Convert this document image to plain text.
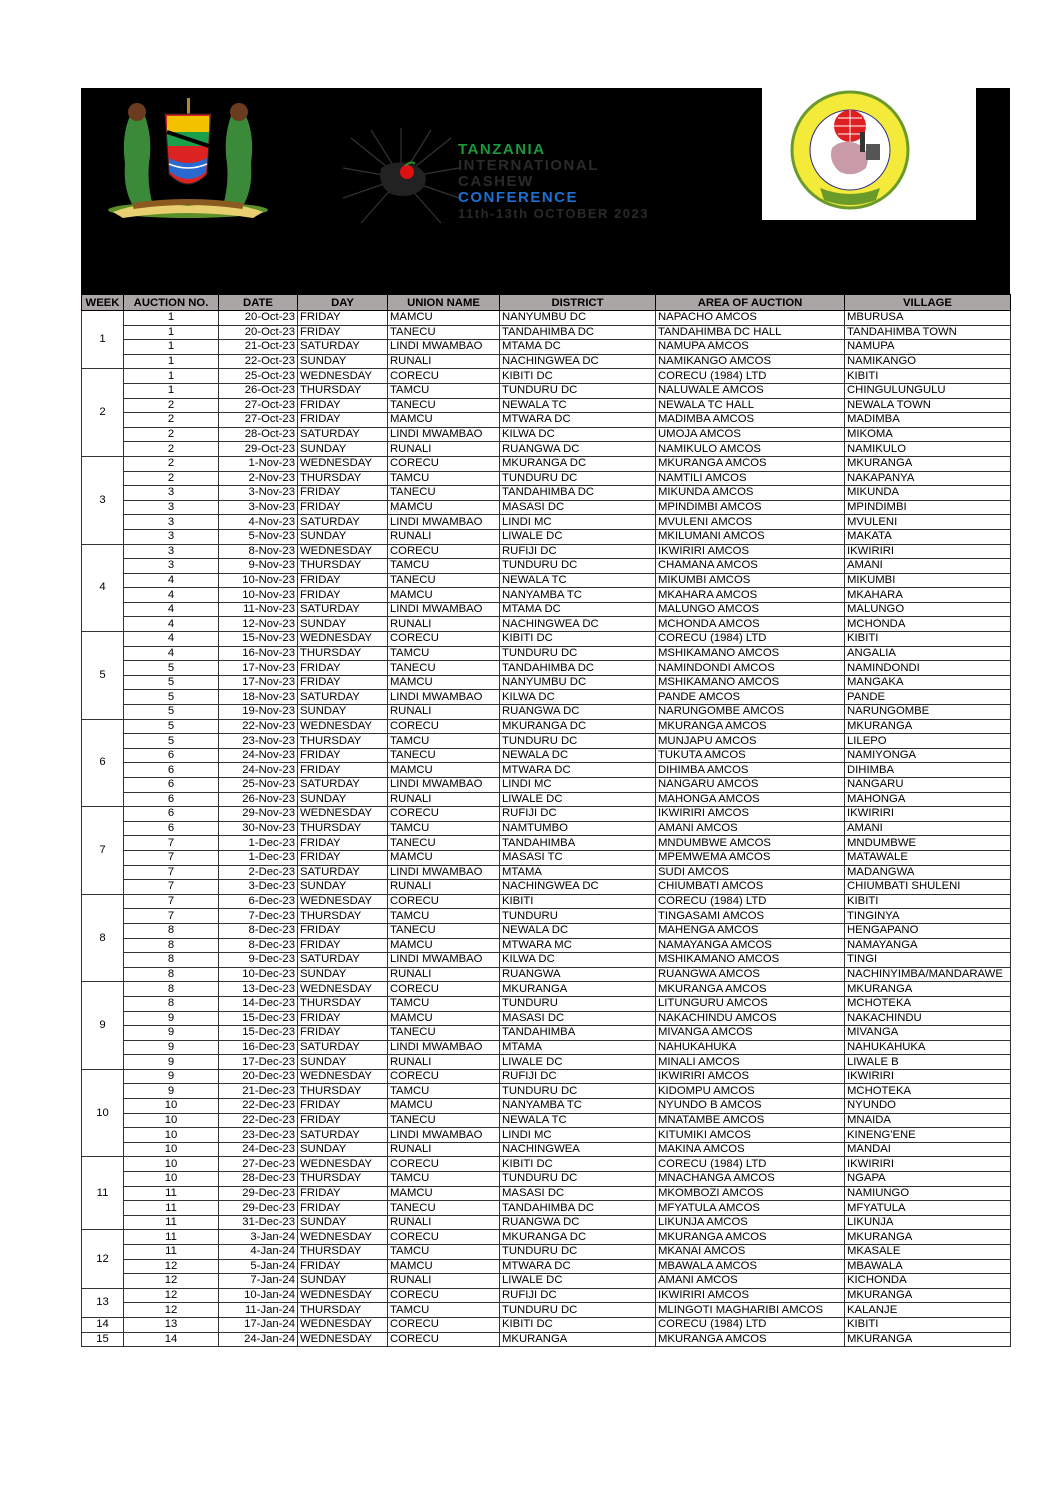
TANZANIA
INTERNATIONAL
CASHEW
CONFERENCE
11th-13th OCTOBER 2023
WEEK	AUCTION NO.	DATE	DAY	UNION NAME	DISTRICT	AREA OF AUCTION	VILLAGE
1	1	20-Oct-23	FRIDAY	MAMCU	NANYUMBU DC	NAPACHO AMCOS	MBURUSA
	1	20-Oct-23	FRIDAY	TANECU	TANDAHIMBA DC	TANDAHIMBA DC HALL	TANDAHIMBA TOWN
	1	21-Oct-23	SATURDAY	LINDI MWAMBAO	MTAMA DC	NAMUPA AMCOS	NAMUPA
	1	22-Oct-23	SUNDAY	RUNALI	NACHINGWEA DC	NAMIKANGO AMCOS	NAMIKANGO
2	1	25-Oct-23	WEDNESDAY	CORECU	KIBITI DC	CORECU (1984) LTD	KIBITI
	1	26-Oct-23	THURSDAY	TAMCU	TUNDURU DC	NALUWALE AMCOS	CHINGULUNGULU
	2	27-Oct-23	FRIDAY	TANECU	NEWALA TC	NEWALA TC HALL	NEWALA TOWN
	2	27-Oct-23	FRIDAY	MAMCU	MTWARA DC	MADIMBA AMCOS	MADIMBA
	2	28-Oct-23	SATURDAY	LINDI MWAMBAO	KILWA DC	UMOJA AMCOS	MIKOMA
	2	29-Oct-23	SUNDAY	RUNALI	RUANGWA DC	NAMIKULO AMCOS	NAMIKULO
3	2	1-Nov-23	WEDNESDAY	CORECU	MKURANGA DC	MKURANGA AMCOS	MKURANGA
	2	2-Nov-23	THURSDAY	TAMCU	TUNDURU DC	NAMTILI AMCOS	NAKAPANYA
	3	3-Nov-23	FRIDAY	TANECU	TANDAHIMBA DC	MIKUNDA AMCOS	MIKUNDA
	3	3-Nov-23	FRIDAY	MAMCU	MASASI DC	MPINDIMBI AMCOS	MPINDIMBI
	3	4-Nov-23	SATURDAY	LINDI MWAMBAO	LINDI MC	MVULENI AMCOS	MVULENI
	3	5-Nov-23	SUNDAY	RUNALI	LIWALE DC	MKILUMANI AMCOS	MAKATA
4	3	8-Nov-23	WEDNESDAY	CORECU	RUFIJI DC	IKWIRIRI AMCOS	IKWIRIRI
	3	9-Nov-23	THURSDAY	TAMCU	TUNDURU DC	CHAMANA AMCOS	AMANI
	4	10-Nov-23	FRIDAY	TANECU	NEWALA TC	MIKUMBI AMCOS	MIKUMBI
	4	10-Nov-23	FRIDAY	MAMCU	NANYAMBA TC	MKAHARA AMCOS	MKAHARA
	4	11-Nov-23	SATURDAY	LINDI MWAMBAO	MTAMA DC	MALUNGO AMCOS	MALUNGO
	4	12-Nov-23	SUNDAY	RUNALI	NACHINGWEA DC	MCHONDA AMCOS	MCHONDA
5	4	15-Nov-23	WEDNESDAY	CORECU	KIBITI DC	CORECU (1984) LTD	KIBITI
	4	16-Nov-23	THURSDAY	TAMCU	TUNDURU DC	MSHIKAMANO AMCOS	ANGALIA
	5	17-Nov-23	FRIDAY	TANECU	TANDAHIMBA DC	NAMINDONDI AMCOS	NAMINDONDI
	5	17-Nov-23	FRIDAY	MAMCU	NANYUMBU DC	MSHIKAMANO AMCOS	MANGAKA
	5	18-Nov-23	SATURDAY	LINDI MWAMBAO	KILWA DC	PANDE AMCOS	PANDE
	5	19-Nov-23	SUNDAY	RUNALI	RUANGWA DC	NARUNGOMBE AMCOS	NARUNGOMBE
6	5	22-Nov-23	WEDNESDAY	CORECU	MKURANGA DC	MKURANGA AMCOS	MKURANGA
	5	23-Nov-23	THURSDAY	TAMCU	TUNDURU DC	MUNJAPU AMCOS	LILEPO
	6	24-Nov-23	FRIDAY	TANECU	NEWALA DC	TUKUTA AMCOS	NAMIYONGA
	6	24-Nov-23	FRIDAY	MAMCU	MTWARA DC	DIHIMBA AMCOS	DIHIMBA
	6	25-Nov-23	SATURDAY	LINDI MWAMBAO	LINDI MC	NANGARU AMCOS	NANGARU
	6	26-Nov-23	SUNDAY	RUNALI	LIWALE DC	MAHONGA AMCOS	MAHONGA
7	6	29-Nov-23	WEDNESDAY	CORECU	RUFIJI DC	IKWIRIRI AMCOS	IKWIRIRI
	6	30-Nov-23	THURSDAY	TAMCU	NAMTUMBO	AMANI AMCOS	AMANI
	7	1-Dec-23	FRIDAY	TANECU	TANDAHIMBA	MNDUMBWE AMCOS	MNDUMBWE
	7	1-Dec-23	FRIDAY	MAMCU	MASASI TC	MPEMWEMA AMCOS	MATAWALE
	7	2-Dec-23	SATURDAY	LINDI MWAMBAO	MTAMA	SUDI AMCOS	MADANGWA
	7	3-Dec-23	SUNDAY	RUNALI	NACHINGWEA DC	CHIUMBATI AMCOS	CHIUMBATI SHULENI
8	7	6-Dec-23	WEDNESDAY	CORECU	KIBITI	CORECU (1984) LTD	KIBITI
	7	7-Dec-23	THURSDAY	TAMCU	TUNDURU	TINGASAMI AMCOS	TINGINYA
	8	8-Dec-23	FRIDAY	TANECU	NEWALA DC	MAHENGA AMCOS	HENGAPANO
	8	8-Dec-23	FRIDAY	MAMCU	MTWARA MC	NAMAYANGA AMCOS	NAMAYANGA
	8	9-Dec-23	SATURDAY	LINDI MWAMBAO	KILWA DC	MSHIKAMANO AMCOS	TINGI
	8	10-Dec-23	SUNDAY	RUNALI	RUANGWA	RUANGWA AMCOS	NACHINYIMBA/MANDARAWE
9	8	13-Dec-23	WEDNESDAY	CORECU	MKURANGA	MKURANGA AMCOS	MKURANGA
	8	14-Dec-23	THURSDAY	TAMCU	TUNDURU	LITUNGURU AMCOS	MCHOTEKA
	9	15-Dec-23	FRIDAY	MAMCU	MASASI DC	NAKACHINDU AMCOS	NAKACHINDU
	9	15-Dec-23	FRIDAY	TANECU	TANDAHIMBA	MIVANGA AMCOS	MIVANGA
	9	16-Dec-23	SATURDAY	LINDI MWAMBAO	MTAMA	NAHUKAHUKA	NAHUKAHUKA
	9	17-Dec-23	SUNDAY	RUNALI	LIWALE DC	MINALI AMCOS	LIWALE B
10	9	20-Dec-23	WEDNESDAY	CORECU	RUFIJI DC	IKWIRIRI AMCOS	IKWIRIRI
	9	21-Dec-23	THURSDAY	TAMCU	TUNDURU DC	KIDOMPU AMCOS	MCHOTEKA
	10	22-Dec-23	FRIDAY	MAMCU	NANYAMBA TC	NYUNDO B AMCOS	NYUNDO
	10	22-Dec-23	FRIDAY	TANECU	NEWALA TC	MNATAMBE AMCOS	MNAIDA
	10	23-Dec-23	SATURDAY	LINDI MWAMBAO	LINDI MC	KITUMIKI AMCOS	KINENG'ENE
	10	24-Dec-23	SUNDAY	RUNALI	NACHINGWEA	MAKINA AMCOS	MANDAI
11	10	27-Dec-23	WEDNESDAY	CORECU	KIBITI DC	CORECU (1984) LTD	IKWIRIRI
	10	28-Dec-23	THURSDAY	TAMCU	TUNDURU DC	MNACHANGA AMCOS	NGAPA
	11	29-Dec-23	FRIDAY	MAMCU	MASASI DC	MKOMBOZI AMCOS	NAMIUNGO
	11	29-Dec-23	FRIDAY	TANECU	TANDAHIMBA DC	MFYATULA AMCOS	MFYATULA
	11	31-Dec-23	SUNDAY	RUNALI	RUANGWA DC	LIKUNJA AMCOS	LIKUNJA
12	11	3-Jan-24	WEDNESDAY	CORECU	MKURANGA DC	MKURANGA AMCOS	MKURANGA
	11	4-Jan-24	THURSDAY	TAMCU	TUNDURU DC	MKANAI AMCOS	MKASALE
	12	5-Jan-24	FRIDAY	MAMCU	MTWARA DC	MBAWALA AMCOS	MBAWALA
	12	7-Jan-24	SUNDAY	RUNALI	LIWALE DC	AMANI AMCOS	KICHONDA
13	12	10-Jan-24	WEDNESDAY	CORECU	RUFIJI DC	IKWIRIRI AMCOS	MKURANGA
	12	11-Jan-24	THURSDAY	TAMCU	TUNDURU DC	MLINGOTI MAGHARIBI AMCOS	KALANJE
14	13	17-Jan-24	WEDNESDAY	CORECU	KIBITI DC	CORECU (1984) LTD	KIBITI
15	14	24-Jan-24	WEDNESDAY	CORECU	MKURANGA	MKURANGA AMCOS	MKURANGA
